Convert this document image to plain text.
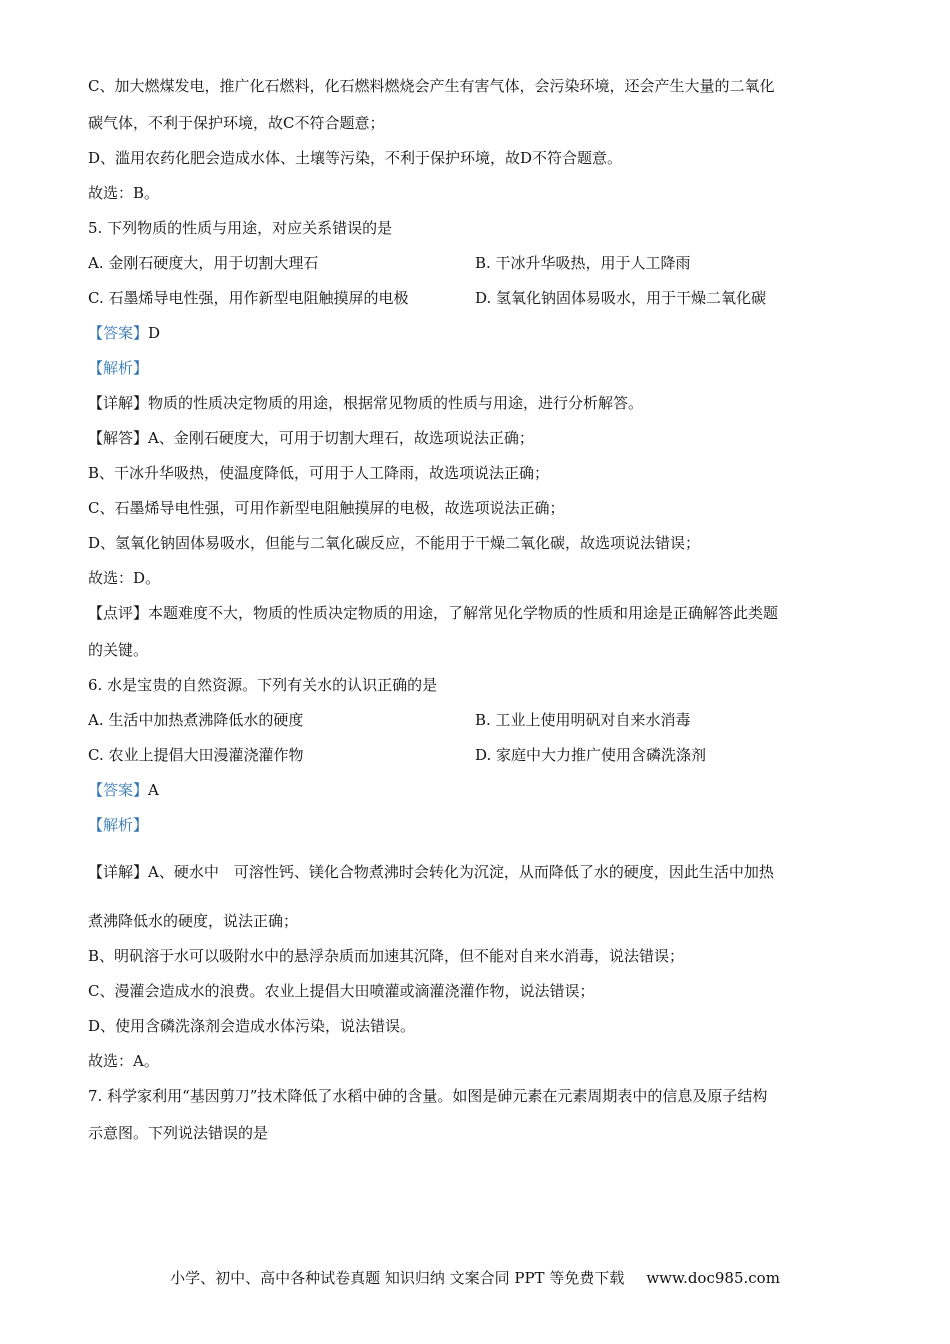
C、加大燃煤发电，推广化石燃料，化石燃料燃烧会产生有害气体，会污染环境，还会产生大量的二氧化
碳气体，不利于保护环境，故C不符合题意；
D、滥用农药化肥会造成水体、土壤等污染，不利于保护环境，故D不符合题意。
故选：B。
5. 下列物质的性质与用途，对应关系错误的是
A. 金刚石硬度大，用于切割大理石	B. 干冰升华吸热，用于人工降雨
C. 石墨烯导电性强，用作新型电阻触摸屏的电极	D. 氢氧化钠固体易吸水，用于干燥二氧化碳
【答案】D
【解析】
【详解】物质的性质决定物质的用途，根据常见物质的性质与用途，进行分析解答。
【解答】A、金刚石硬度大，可用于切割大理石，故选项说法正确；
B、干冰升华吸热，使温度降低，可用于人工降雨，故选项说法正确；
C、石墨烯导电性强，可用作新型电阻触摸屏的电极，故选项说法正确；
D、氢氧化钠固体易吸水，但能与二氧化碳反应，不能用于干燥二氧化碳，故选项说法错误；
故选：D。
【点评】本题难度不大，物质的性质决定物质的用途，了解常见化学物质的性质和用途是正确解答此类题
的关键。
6. 水是宝贵的自然资源。下列有关水的认识正确的是
A. 生活中加热煮沸降低水的硬度	B. 工业上使用明矾对自来水消毒
C. 农业上提倡大田漫灌浇灌作物	D. 家庭中大力推广使用含磷洗涤剂
【答案】A
【解析】
【详解】A、硬水中　可溶性钙、镁化合物煮沸时会转化为沉淀，从而降低了水的硬度，因此生活中加热
煮沸降低水的硬度，说法正确；
B、明矾溶于水可以吸附水中的悬浮杂质而加速其沉降，但不能对自来水消毒，说法错误；
C、漫灌会造成水的浪费。农业上提倡大田喷灌或滴灌浇灌作物，说法错误；
D、使用含磷洗涤剂会造成水体污染，说法错误。
故选：A。
7. 科学家利用“基因剪刀”技术降低了水稻中砷的含量。如图是砷元素在元素周期表中的信息及原子结构
示意图。下列说法错误的是
小学、初中、高中各种试卷真题 知识归纳 文案合同 PPT 等免费下载 www.doc985.com
